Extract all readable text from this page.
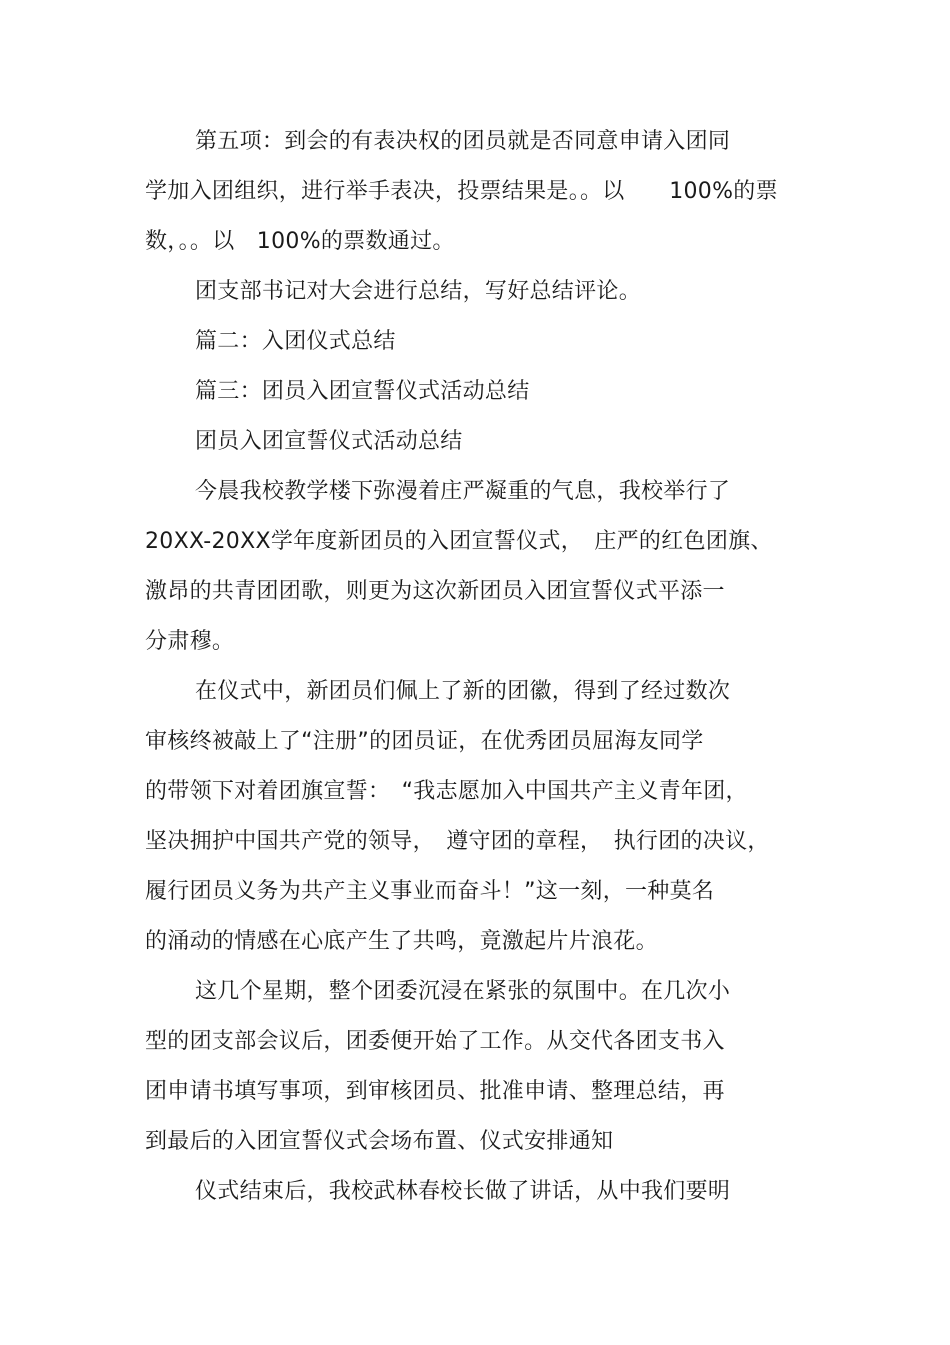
第五项：到会的有表决权的团员就是否同意申请入团同
学加入团组织，进行举手表决，投票结果是。。以　　100%的票
数，。。以　100%的票数通过。
团支部书记对大会进行总结，写好总结评论。
篇二：入团仪式总结
篇三：团员入团宣誓仪式活动总结
团员入团宣誓仪式活动总结
今晨我校教学楼下弥漫着庄严凝重的气息，我校举行了
20XX-20XX学年度新团员的入团宣誓仪式，　庄严的红色团旗、
激昂的共青团团歌，则更为这次新团员入团宣誓仪式平添一
分肃穆。
在仪式中，新团员们佩上了新的团徽，得到了经过数次
审核终被敲上了“注册”的团员证，在优秀团员屈海友同学
的带领下对着团旗宣誓：　“我志愿加入中国共产主义青年团，
坚决拥护中国共产党的领导，　遵守团的章程，　执行团的决议，
履行团员义务为共产主义事业而奋斗！”这一刻，一种莫名
的涌动的情感在心底产生了共鸣，竟激起片片浪花。
这几个星期，整个团委沉浸在紧张的氛围中。在几次小
型的团支部会议后，团委便开始了工作。从交代各团支书入
团申请书填写事项，到审核团员、批准申请、整理总结，再
到最后的入团宣誓仪式会场布置、仪式安排通知
仪式结束后，我校武林春校长做了讲话，从中我们要明
